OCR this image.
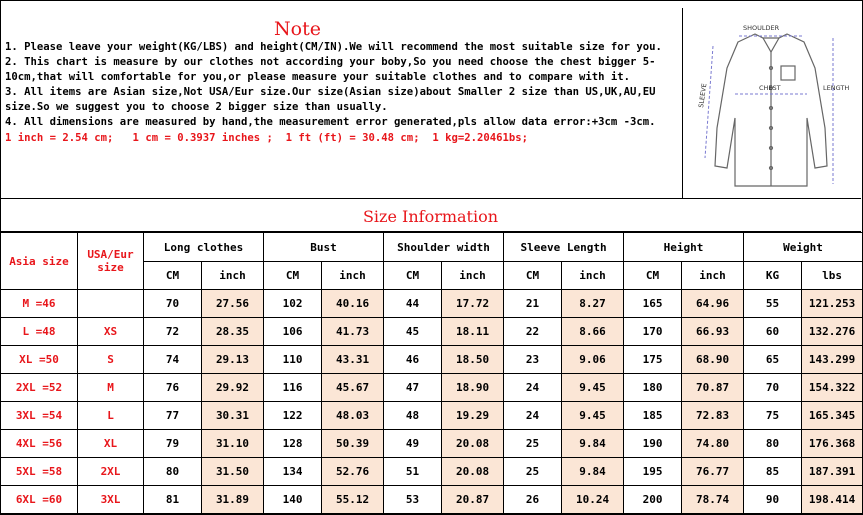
Note
1. Please leave your weight(KG/LBS) and height(CM/IN).We will recommend the most suitable size for you.
2. This chart is measure by our clothes not according your boby,So you need choose the chest bigger 5-10cm,that will comfortable for you,or please measure your suitable clothes and to compare with it.
3. All items are Asian size,Not USA/Eur size.Our size(Asian size)about Smaller 2 size than US,UK,AU,EU size.So we suggest you to choose 2 bigger size than usually.
4. All dimensions are measured by hand,the measurement error generated,pls allow data error:+3cm -3cm.
1 inch = 2.54 cm;   1 cm = 0.3937 inches ;  1 ft (ft) = 30.48 cm;  1 kg=2.20461bs;
SHOULDER
CHEST	LENGTH
SLEEVE
Size Information
Asia size	USA/Eur size	Long clothes		Bust		Shoulder width		Sleeve Length		Height		Weight	
		CM	inch	CM	inch	CM	inch	CM	inch	CM	inch	KG	lbs
M =46		70	27.56	102	40.16	44	17.72	21	8.27	165	64.96	55	121.253
L =48	XS	72	28.35	106	41.73	45	18.11	22	8.66	170	66.93	60	132.276
XL =50	S	74	29.13	110	43.31	46	18.50	23	9.06	175	68.90	65	143.299
2XL =52	M	76	29.92	116	45.67	47	18.90	24	9.45	180	70.87	70	154.322
3XL =54	L	77	30.31	122	48.03	48	19.29	24	9.45	185	72.83	75	165.345
4XL =56	XL	79	31.10	128	50.39	49	20.08	25	9.84	190	74.80	80	176.368
5XL =58	2XL	80	31.50	134	52.76	51	20.08	25	9.84	195	76.77	85	187.391
6XL =60	3XL	81	31.89	140	55.12	53	20.87	26	10.24	200	78.74	90	198.414
